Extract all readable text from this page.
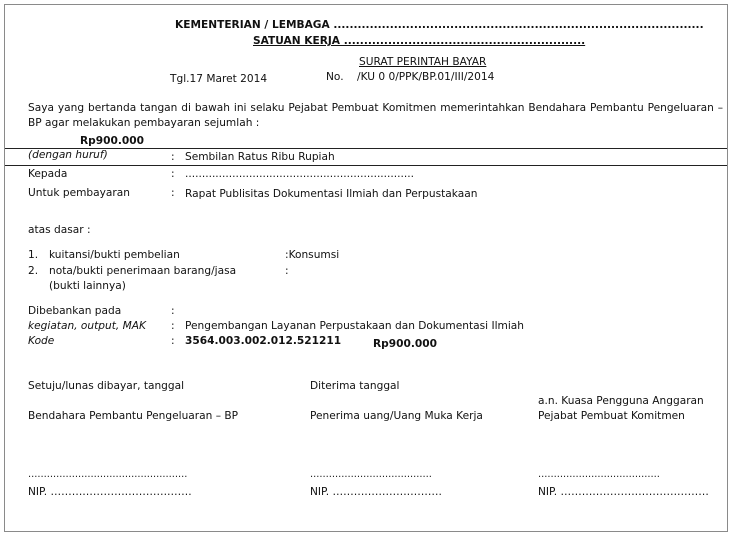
KEMENTERIAN / LEMBAGA ............................................................................................
SATUAN KERJA ............................................................
SURAT PERINTAH BAYAR
Tgl.17 Maret 2014	No. /KU 0 0/PPK/BP.01/III/2014
Saya yang bertanda tangan di bawah ini selaku Pejabat Pembuat Komitmen memerintahkan Bendahara Pembantu Pengeluaran – BP agar melakukan pembayaran sejumlah :
Rp900.000
(dengan huruf)	: Sembilan Ratus Ribu Rupiah
Kepada	: ....................................................................
Untuk pembayaran	: Rapat Publisitas Dokumentasi Ilmiah dan Perpustakaan
atas dasar :
1. kuitansi/bukti pembelian	:Konsumsi
2. nota/bukti penerimaan barang/jasa	:
(bukti lainnya)
Dibebankan pada	:
kegiatan, output, MAK : Pengembangan Layanan Perpustakaan dan Dokumentasi Ilmiah
Kode	: 3564.003.002.012.521211	Rp900.000
Setuju/lunas dibayar, tanggal	Diterima tanggal
a.n. Kuasa Pengguna Anggaran
Bendahara Pembantu Pengeluaran – BP	Penerima uang/Uang Muka Kerja	Pejabat Pembuat Komitmen
……………………………………………	…………………………………	…………………………………
NIP. ………………………………….	NIP. ………………………….	NIP. ……………………………………
